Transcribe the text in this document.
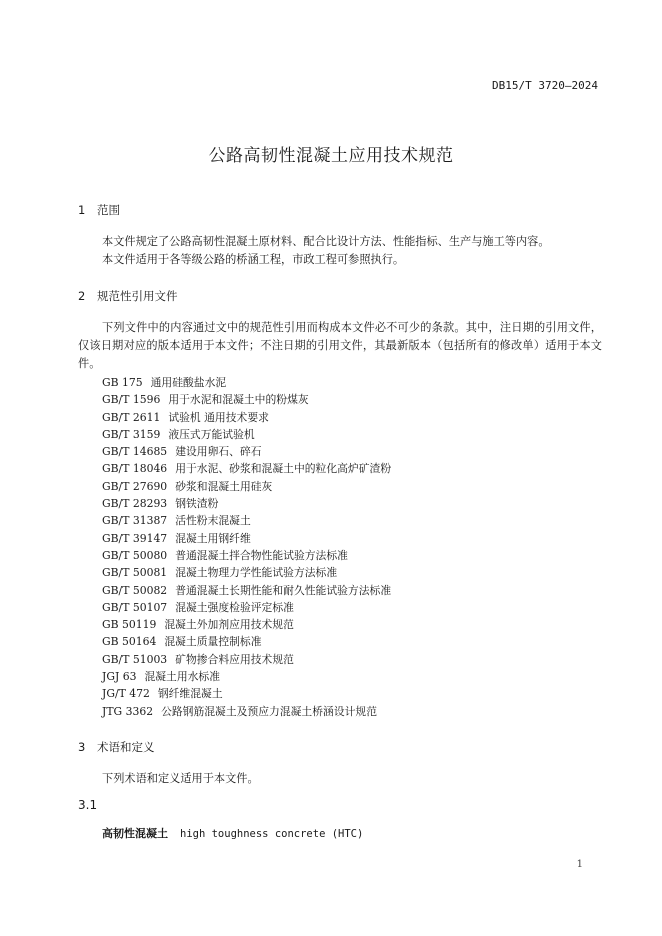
DB15/T 3720—2024
公路高韧性混凝土应用技术规范
1 范围
本文件规定了公路高韧性混凝土原材料、配合比设计方法、性能指标、生产与施工等内容。
本文件适用于各等级公路的桥涵工程，市政工程可参照执行。
2 规范性引用文件
下列文件中的内容通过文中的规范性引用而构成本文件必不可少的条款。其中，注日期的引用文件，仅该日期对应的版本适用于本文件；不注日期的引用文件，其最新版本（包括所有的修改单）适用于本文件。
GB 175 通用硅酸盐水泥
GB/T 1596 用于水泥和混凝土中的粉煤灰
GB/T 2611 试验机 通用技术要求
GB/T 3159 液压式万能试验机
GB/T 14685 建设用卵石、碎石
GB/T 18046 用于水泥、砂浆和混凝土中的粒化高炉矿渣粉
GB/T 27690 砂浆和混凝土用硅灰
GB/T 28293 钢铁渣粉
GB/T 31387 活性粉末混凝土
GB/T 39147 混凝土用钢纤维
GB/T 50080 普通混凝土拌合物性能试验方法标准
GB/T 50081 混凝土物理力学性能试验方法标准
GB/T 50082 普通混凝土长期性能和耐久性能试验方法标准
GB/T 50107 混凝土强度检验评定标准
GB 50119 混凝土外加剂应用技术规范
GB 50164 混凝土质量控制标准
GB/T 51003 矿物掺合料应用技术规范
JGJ 63 混凝土用水标准
JG/T 472 钢纤维混凝土
JTG 3362 公路钢筋混凝土及预应力混凝土桥涵设计规范
3 术语和定义
下列术语和定义适用于本文件。
3.1
高韧性混凝土 high toughness concrete (HTC)
1
